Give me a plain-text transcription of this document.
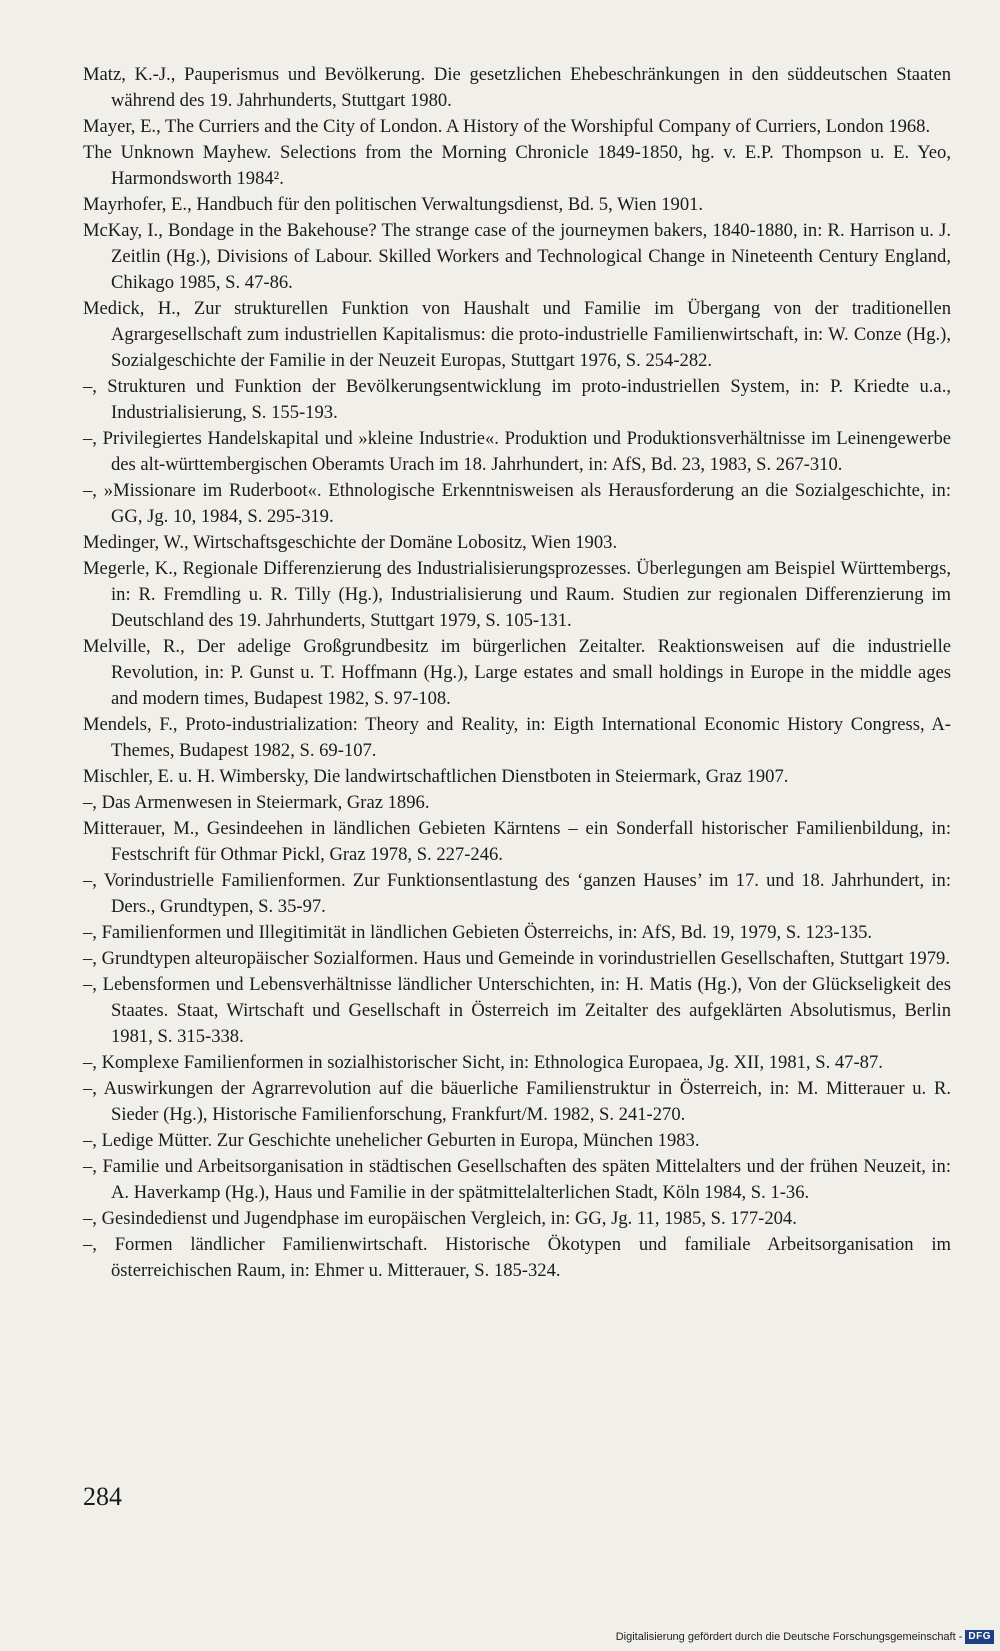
Matz, K.-J., Pauperismus und Bevölkerung. Die gesetzlichen Ehebeschränkungen in den süddeutschen Staaten während des 19. Jahrhunderts, Stuttgart 1980.
Mayer, E., The Curriers and the City of London. A History of the Worshipful Company of Curriers, London 1968.
The Unknown Mayhew. Selections from the Morning Chronicle 1849-1850, hg. v. E.P. Thompson u. E. Yeo, Harmondsworth 1984².
Mayrhofer, E., Handbuch für den politischen Verwaltungsdienst, Bd. 5, Wien 1901.
McKay, I., Bondage in the Bakehouse? The strange case of the journeymen bakers, 1840-1880, in: R. Harrison u. J. Zeitlin (Hg.), Divisions of Labour. Skilled Workers and Technological Change in Nineteenth Century England, Chikago 1985, S. 47-86.
Medick, H., Zur strukturellen Funktion von Haushalt und Familie im Übergang von der traditionellen Agrargesellschaft zum industriellen Kapitalismus: die proto-industrielle Familienwirtschaft, in: W. Conze (Hg.), Sozialgeschichte der Familie in der Neuzeit Europas, Stuttgart 1976, S. 254-282.
–, Strukturen und Funktion der Bevölkerungsentwicklung im proto-industriellen System, in: P. Kriedte u.a., Industrialisierung, S. 155-193.
–, Privilegiertes Handelskapital und »kleine Industrie«. Produktion und Produktionsverhältnisse im Leinengewerbe des alt-württembergischen Oberamts Urach im 18. Jahrhundert, in: AfS, Bd. 23, 1983, S. 267-310.
–, »Missionare im Ruderboot«. Ethnologische Erkenntnisweisen als Herausforderung an die Sozialgeschichte, in: GG, Jg. 10, 1984, S. 295-319.
Medinger, W., Wirtschaftsgeschichte der Domäne Lobositz, Wien 1903.
Megerle, K., Regionale Differenzierung des Industrialisierungsprozesses. Überlegungen am Beispiel Württembergs, in: R. Fremdling u. R. Tilly (Hg.), Industrialisierung und Raum. Studien zur regionalen Differenzierung im Deutschland des 19. Jahrhunderts, Stuttgart 1979, S. 105-131.
Melville, R., Der adelige Großgrundbesitz im bürgerlichen Zeitalter. Reaktionsweisen auf die industrielle Revolution, in: P. Gunst u. T. Hoffmann (Hg.), Large estates and small holdings in Europe in the middle ages and modern times, Budapest 1982, S. 97-108.
Mendels, F., Proto-industrialization: Theory and Reality, in: Eigth International Economic History Congress, A-Themes, Budapest 1982, S. 69-107.
Mischler, E. u. H. Wimbersky, Die landwirtschaftlichen Dienstboten in Steiermark, Graz 1907.
–, Das Armenwesen in Steiermark, Graz 1896.
Mitterauer, M., Gesindeehen in ländlichen Gebieten Kärntens – ein Sonderfall historischer Familienbildung, in: Festschrift für Othmar Pickl, Graz 1978, S. 227-246.
–, Vorindustrielle Familienformen. Zur Funktionsentlastung des ‘ganzen Hauses’ im 17. und 18. Jahrhundert, in: Ders., Grundtypen, S. 35-97.
–, Familienformen und Illegitimität in ländlichen Gebieten Österreichs, in: AfS, Bd. 19, 1979, S. 123-135.
–, Grundtypen alteuropäischer Sozialformen. Haus und Gemeinde in vorindustriellen Gesellschaften, Stuttgart 1979.
–, Lebensformen und Lebensverhältnisse ländlicher Unterschichten, in: H. Matis (Hg.), Von der Glückseligkeit des Staates. Staat, Wirtschaft und Gesellschaft in Österreich im Zeitalter des aufgeklärten Absolutismus, Berlin 1981, S. 315-338.
–, Komplexe Familienformen in sozialhistorischer Sicht, in: Ethnologica Europaea, Jg. XII, 1981, S. 47-87.
–, Auswirkungen der Agrarrevolution auf die bäuerliche Familienstruktur in Österreich, in: M. Mitterauer u. R. Sieder (Hg.), Historische Familienforschung, Frankfurt/M. 1982, S. 241-270.
–, Ledige Mütter. Zur Geschichte unehelicher Geburten in Europa, München 1983.
–, Familie und Arbeitsorganisation in städtischen Gesellschaften des späten Mittelalters und der frühen Neuzeit, in: A. Haverkamp (Hg.), Haus und Familie in der spätmittelalterlichen Stadt, Köln 1984, S. 1-36.
–, Gesindedienst und Jugendphase im europäischen Vergleich, in: GG, Jg. 11, 1985, S. 177-204.
–, Formen ländlicher Familienwirtschaft. Historische Ökotypen und familiale Arbeitsorganisation im österreichischen Raum, in: Ehmer u. Mitterauer, S. 185-324.
284
Digitalisierung gefördert durch die Deutsche Forschungsgemeinschaft - DFG
